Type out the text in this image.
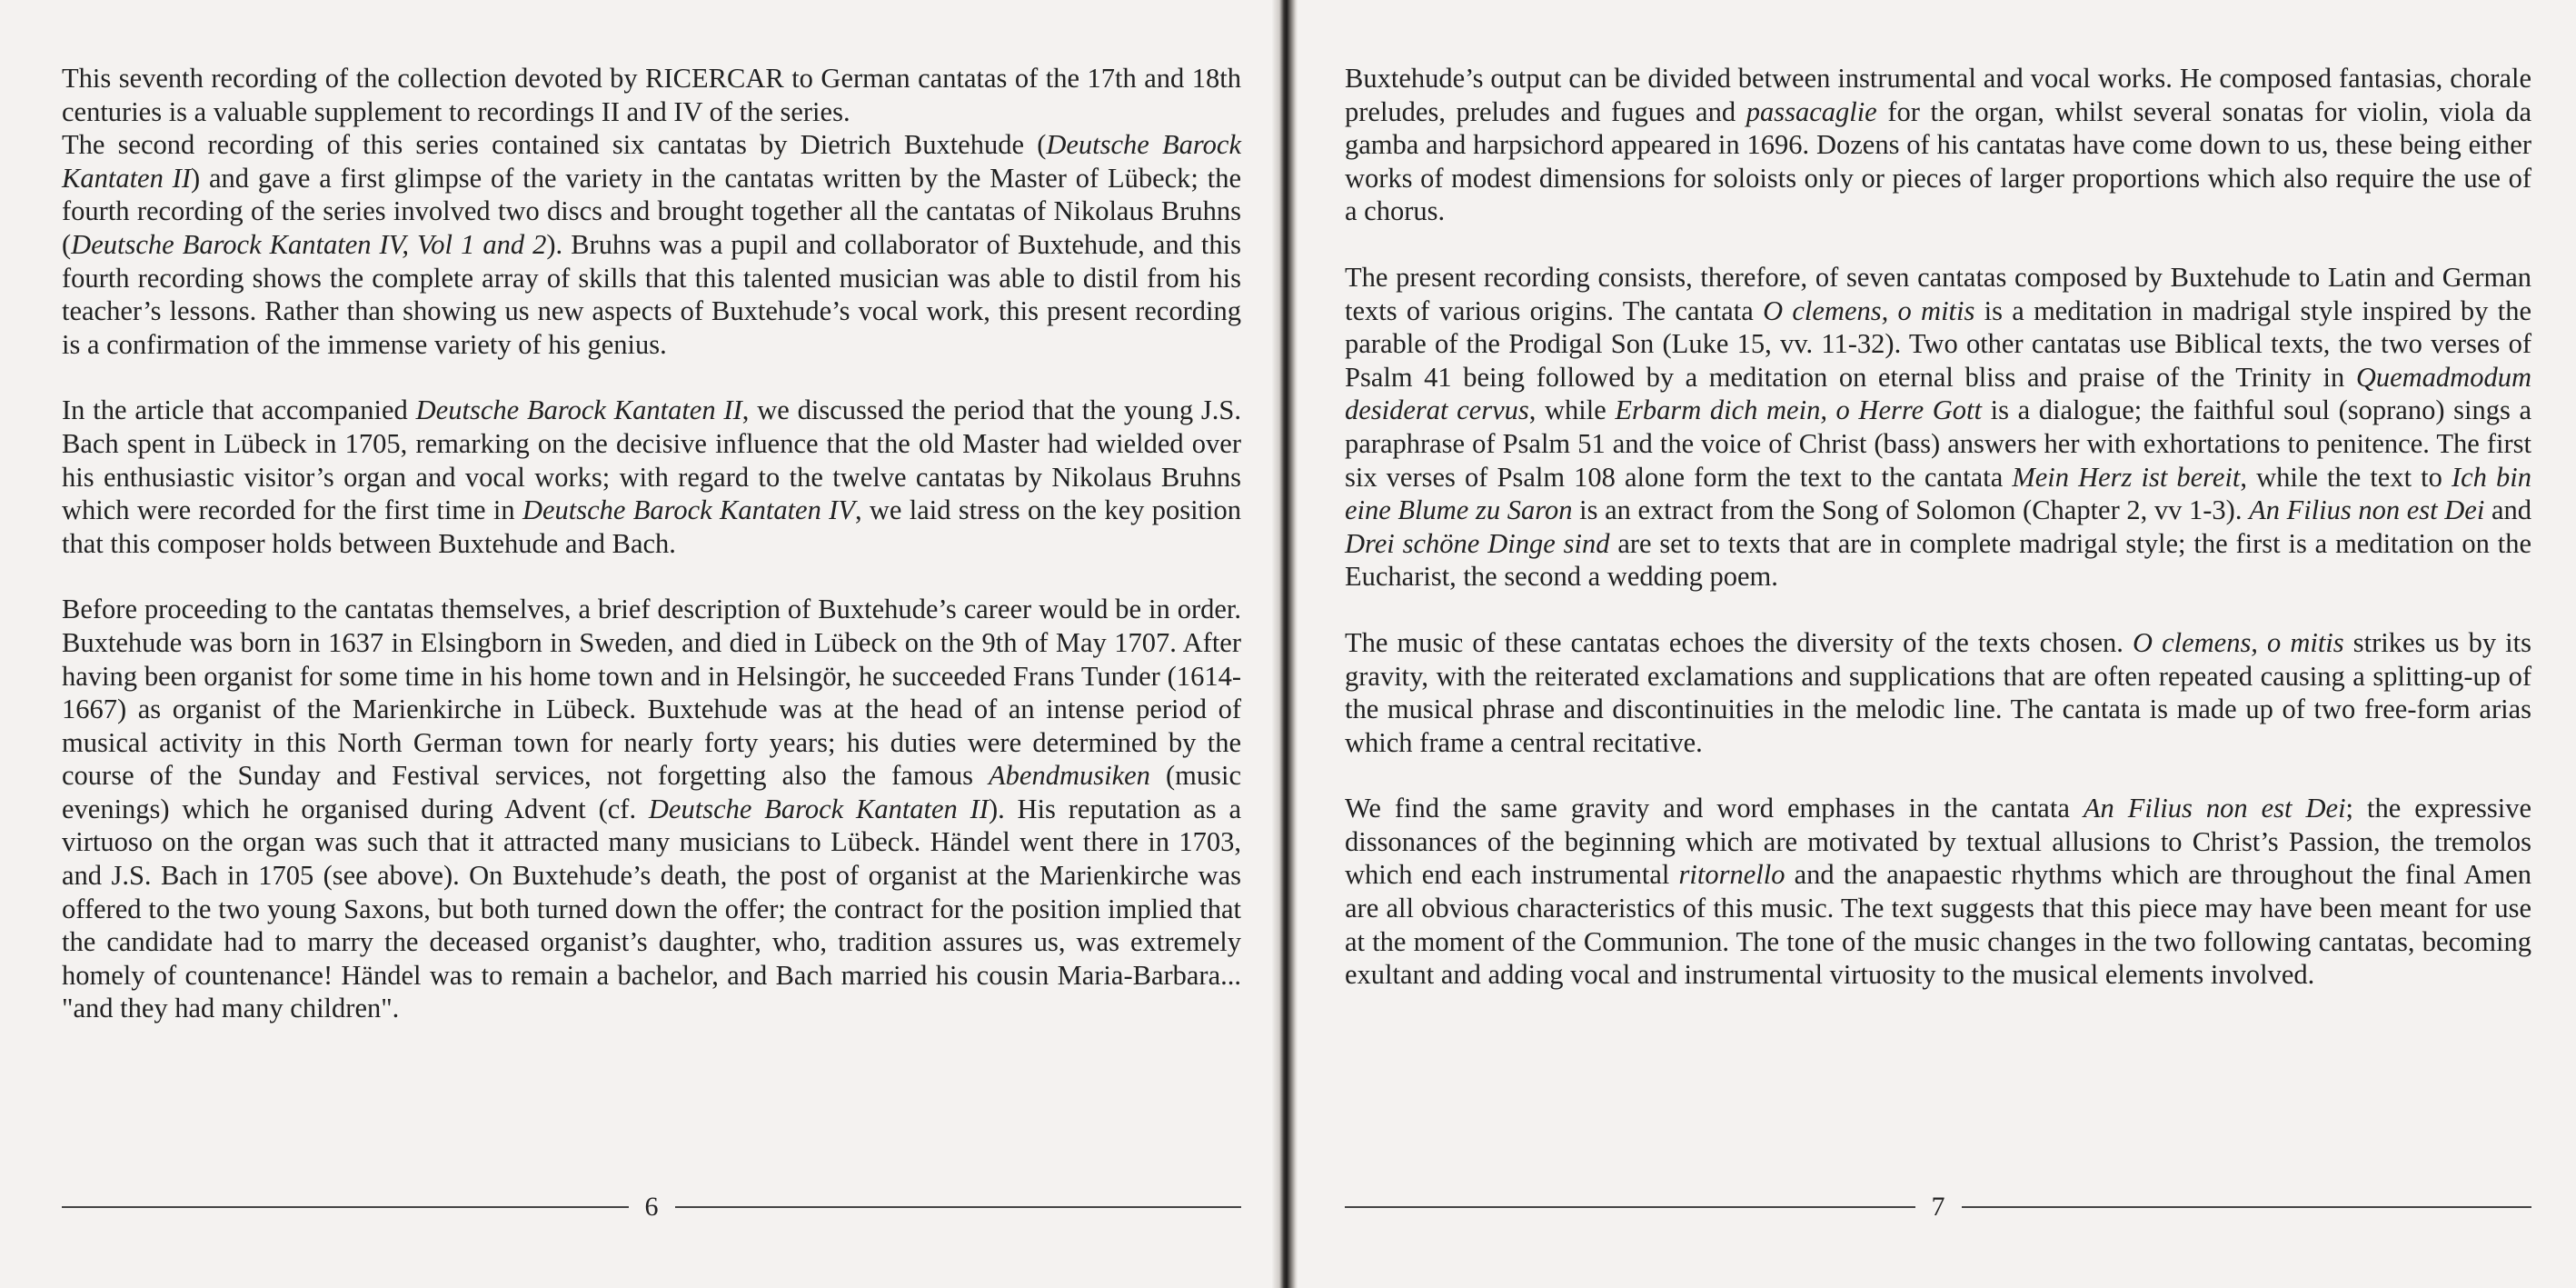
This seventh recording of the collection devoted by RICERCAR to German cantatas of the 17th and 18th centuries is a valuable supplement to recordings II and IV of the series.
The second recording of this series contained six cantatas by Dietrich Buxtehude (Deutsche Barock Kantaten II) and gave a first glimpse of the variety in the cantatas written by the Master of Lübeck; the fourth recording of the series involved two discs and brought together all the cantatas of Nikolaus Bruhns (Deutsche Barock Kantaten IV, Vol 1 and 2). Bruhns was a pupil and collaborator of Buxtehude, and this fourth recording shows the complete array of skills that this talented musician was able to distil from his teacher’s lessons. Rather than showing us new aspects of Buxtehude’s vocal work, this present recording is a confirmation of the immense variety of his genius.

In the article that accompanied Deutsche Barock Kantaten II, we discussed the period that the young J.S. Bach spent in Lübeck in 1705, remarking on the decisive influence that the old Master had wielded over his enthusiastic visitor’s organ and vocal works; with regard to the twelve cantatas by Nikolaus Bruhns which were recorded for the first time in Deutsche Barock Kantaten IV, we laid stress on the key position that this composer holds between Buxtehude and Bach.

Before proceeding to the cantatas themselves, a brief description of Buxtehude’s career would be in order. Buxtehude was born in 1637 in Elsingborn in Sweden, and died in Lübeck on the 9th of May 1707. After having been organist for some time in his home town and in Helsingör, he succeeded Frans Tunder (1614-1667) as organist of the Marienkirche in Lübeck. Buxtehude was at the head of an intense period of musical activity in this North German town for nearly forty years; his duties were determined by the course of the Sunday and Festival services, not forgetting also the famous Abendmusiken (music evenings) which he organised during Advent (cf. Deutsche Barock Kantaten II). His reputation as a virtuoso on the organ was such that it attracted many musicians to Lübeck. Händel went there in 1703, and J.S. Bach in 1705 (see above). On Buxtehude’s death, the post of organist at the Marienkirche was offered to the two young Saxons, but both turned down the offer; the contract for the position implied that the candidate had to marry the deceased organist’s daughter, who, tradition assures us, was extremely homely of countenance! Händel was to remain a bachelor, and Bach married his cousin Maria-Barbara... "and they had many children".

6

Buxtehude’s output can be divided between instrumental and vocal works. He composed fantasias, chorale preludes, preludes and fugues and passacaglie for the organ, whilst several sonatas for violin, viola da gamba and harpsichord appeared in 1696. Dozens of his cantatas have come down to us, these being either works of modest dimensions for soloists only or pieces of larger proportions which also require the use of a chorus.

The present recording consists, therefore, of seven cantatas composed by Buxtehude to Latin and German texts of various origins. The cantata O clemens, o mitis is a meditation in madrigal style inspired by the parable of the Prodigal Son (Luke 15, vv. 11-32). Two other cantatas use Biblical texts, the two verses of Psalm 41 being followed by a meditation on eternal bliss and praise of the Trinity in Quemadmodum desiderat cervus, while Erbarm dich mein, o Herre Gott is a dialogue; the faithful soul (soprano) sings a paraphrase of Psalm 51 and the voice of Christ (bass) answers her with exhortations to penitence. The first six verses of Psalm 108 alone form the text to the cantata Mein Herz ist bereit, while the text to Ich bin eine Blume zu Saron is an extract from the Song of Solomon (Chapter 2, vv 1-3). An Filius non est Dei and Drei schöne Dinge sind are set to texts that are in complete madrigal style; the first is a meditation on the Eucharist, the second a wedding poem.

The music of these cantatas echoes the diversity of the texts chosen. O clemens, o mitis strikes us by its gravity, with the reiterated exclamations and supplications that are often repeated causing a splitting-up of the musical phrase and discontinuities in the melodic line. The cantata is made up of two free-form arias which frame a central recitative.

We find the same gravity and word emphases in the cantata An Filius non est Dei; the expressive dissonances of the beginning which are motivated by textual allusions to Christ’s Passion, the tremolos which end each instrumental ritornello and the anapaestic rhythms which are throughout the final Amen are all obvious characteristics of this music. The text suggests that this piece may have been meant for use at the moment of the Communion. The tone of the music changes in the two following cantatas, becoming exultant and adding vocal and instrumental virtuosity to the musical elements involved.

7
